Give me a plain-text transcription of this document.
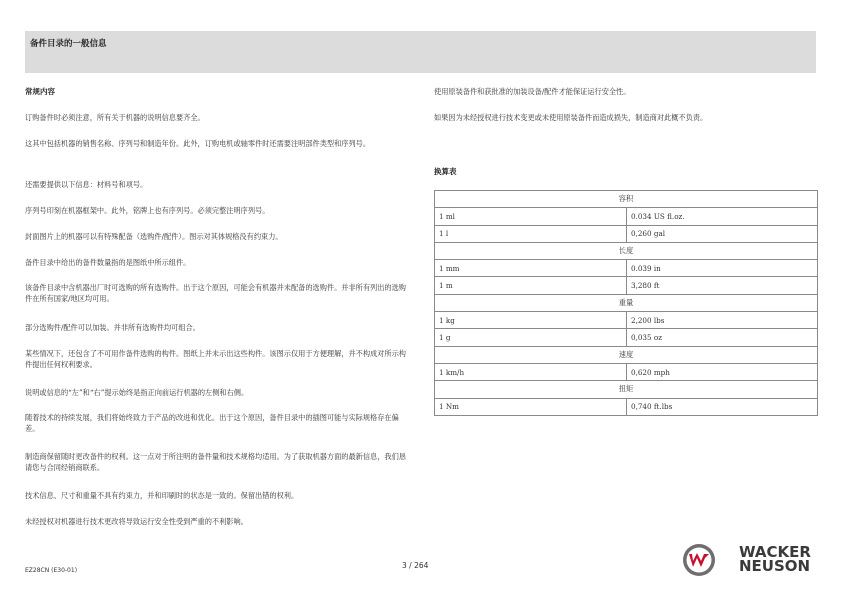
备件目录的一般信息
常规内容
订购备件时必须注意，所有关于机器的说明信息要齐全。
这其中包括机器的销售名称、序列号和制造年份。此外，订购电机或轴零件时还需要注明部件类型和序列号。
还需要提供以下信息：材料号和项号。
序列号印刻在机器框架中。此外，铭牌上也有序列号。必须完整注明序列号。
封面图片上的机器可以有特殊配备（选购件/配件）。图示对其体规格没有约束力。
备件目录中给出的备件数量指的是图纸中所示组件。
该备件目录中含机器出厂时可选购的所有选购件。出于这个原因，可能会有机器并未配备的选购件。并非所有列出的选购件在所有国家/地区均可用。
部分选购件/配件可以加装。并非所有选购件均可组合。
某些情况下，还包含了不可用作备件选购的构件。图纸上并未示出这些构件。该图示仅用于方便理解，并不构成对所示构件提出任何权利要求。
说明或信息的“左”和“右”提示始终是指正向前运行机器的左侧和右侧。
随着技术的持续发展，我们将始终致力于产品的改进和优化。出于这个原因，备件目录中的插图可能与实际规格存在偏差。
制造商保留随时更改备件的权利。这一点对于所注明的备件量和技术规格均适用。为了获取机器方面的最新信息，我们恳请您与合同经销商联系。
技术信息、尺寸和重量不具有约束力，并和印刷时的状态是一致的。保留出错的权利。
未经授权对机器进行技术更改将导致运行安全性受到严重的不利影响。
使用原装备件和获批准的加装设备/配件才能保证运行安全性。
如果因为未经授权进行技术变更或未使用原装备件而造成损失，制造商对此概不负责。
换算表
容积	
1 ml	0.034 US fl.oz.
1 l	0,260 gal
长度	
1 mm	0.039 in
1 m	3,280 ft
重量	
1 kg	2,200 lbs
1 g	0,035 oz
速度	
1 km/h	0,620 mph
扭矩	
1 Nm	0,740 ft.lbs
EZ28CN (E30-01)
3 / 264
WACKER
NEUSON
